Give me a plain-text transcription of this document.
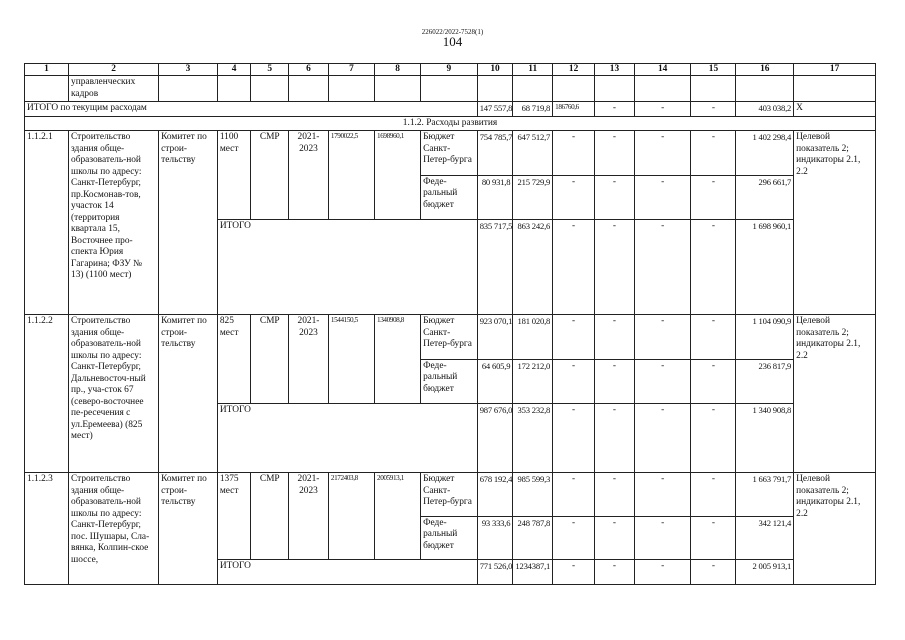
226022/2022-7528(1)
104
1	2	3	4	5	6	7	8	9	10	11	12	13	14	15	16	17
	управленческих кадров															
ИТОГО по текущим расходам									147 557,8	68 719,8	186760,6	-	-	-	403 038,2	X
1.1.2. Расходы развития																
1.1.2.1	Строительство здания обще-образователь-ной школы по адресу: Санкт-Петербург, пр.Космонав-тов, участок 14 (территория квартала 15, Восточнее про-спекта Юрия Гагарина; ФЗУ № 13) (1100 мест)	Комитет по строи-тельству	1100 мест	СМР	2021-2023	1790022,5	1698960,1	Бюджет Санкт-Петер-бурга	754 785,7	647 512,7	-	-	-	-	1 402 298,4	Целевой показатель 2; индикаторы 2.1, 2.2
								Феде-ральный бюджет	80 931,8	215 729,9	-	-	-	-	296 661,7	
			ИТОГО						835 717,5	863 242,6	-	-	-	-	1 698 960,1	
1.1.2.2	Строительство здания обще-образователь-ной школы по адресу: Санкт-Петербург, Дальневосточ-ный пр., уча-сток 67 (северо-восточнее пе-ресечения с ул.Еремеева) (825 мест)	Комитет по строи-тельству	825 мест	СМР	2021-2023	1544150,5	1340908,8	Бюджет Санкт-Петер-бурга	923 070,1	181 020,8	-	-	-	-	1 104 090,9	Целевой показатель 2; индикаторы 2.1, 2.2
								Феде-ральный бюджет	64 605,9	172 212,0	-	-	-	-	236 817,9	
			ИТОГО						987 676,0	353 232,8	-	-	-	-	1 340 908,8	
1.1.2.3	Строительство здания обще-образователь-ной школы по адресу: Санкт-Петербург, пос. Шушары, Сла-вянка, Колпин-ское шоссе,	Комитет по строи-тельству	1375 мест	СМР	2021-2023	2172403,8	2005913,1	Бюджет Санкт-Петер-бурга	678 192,4	985 599,3	-	-	-	-	1 663 791,7	Целевой показатель 2; индикаторы 2.1, 2.2
								Феде-ральный бюджет	93 333,6	248 787,8	-	-	-	-	342 121,4	
			ИТОГО						771 526,0	1234387,1	-	-	-	-	2 005 913,1	
